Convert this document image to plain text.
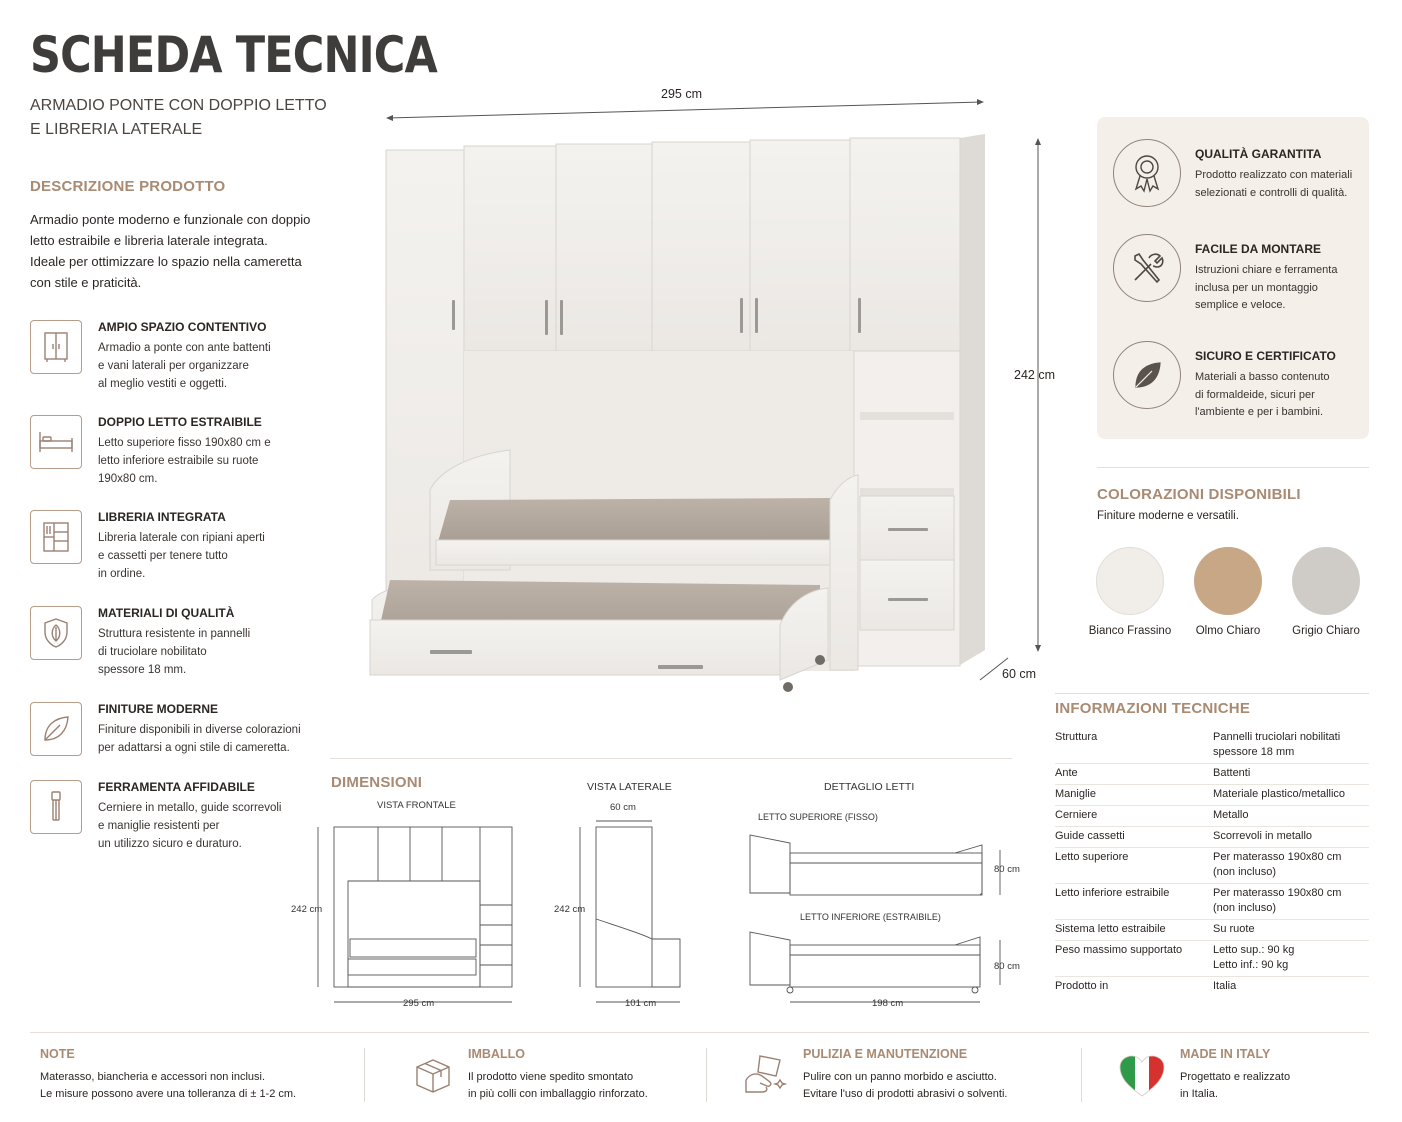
SCHEDA TECNICA
ARMADIO PONTE CON DOPPIO LETTO
E LIBRERIA LATERALE
DESCRIZIONE PRODOTTO
Armadio ponte moderno e funzionale con doppio
letto estraibile e libreria laterale integrata.
Ideale per ottimizzare lo spazio nella cameretta
con stile e praticità.
AMPIO SPAZIO CONTENTIVO
Armadio a ponte con ante battenti
e vani laterali per organizzare
al meglio vestiti e oggetti.
DOPPIO LETTO ESTRAIBILE
Letto superiore fisso 190x80 cm e
letto inferiore estraibile su ruote
190x80 cm.
LIBRERIA INTEGRATA
Libreria laterale con ripiani aperti
e cassetti per tenere tutto
in ordine.
MATERIALI DI QUALITÀ
Struttura resistente in pannelli
di truciolare nobilitato
spessore 18 mm.
FINITURE MODERNE
Finiture disponibili in diverse colorazioni
per adattarsi a ogni stile di cameretta.
FERRAMENTA AFFIDABILE
Cerniere in metallo, guide scorrevoli
e maniglie resistenti per
un utilizzo sicuro e duraturo.
295 cm
242 cm
60 cm
QUALITÀ GARANTITA
Prodotto realizzato con materiali
selezionati e controlli di qualità.
FACILE DA MONTARE
Istruzioni chiare e ferramenta
inclusa per un montaggio
semplice e veloce.
SICURO E CERTIFICATO
Materiali a basso contenuto
di formaldeide, sicuri per
l'ambiente e per i bambini.
COLORAZIONI DISPONIBILI
Finiture moderne e versatili.
Bianco Frassino	Olmo Chiaro	Grigio Chiaro
INFORMAZIONI TECNICHE
Struttura	Pannelli truciolari nobilitati
spessore 18 mm

Ante	Battenti
Maniglie	Materiale plastico/metallico
Cerniere	Metallo
Guide cassetti	Scorrevoli in metallo
Letto superiore	Per materasso 190x80 cm
(non incluso)

Letto inferiore estraibile	Per materasso 190x80 cm
(non incluso)

Sistema letto estraibile	Su ruote
Peso massimo supportato	Letto sup.: 90 kg
Letto inf.: 90 kg

Prodotto in	Italia
DIMENSIONI
VISTA FRONTALE
VISTA LATERALE	DETTAGLIO LETTI
242 cm
295 cm
60 cm
242 cm
101 cm
LETTO SUPERIORE (FISSO)
80 cm
LETTO INFERIORE (ESTRAIBILE)
80 cm
198 cm
NOTE
Materasso, biancheria e accessori non inclusi.
Le misure possono avere una tolleranza di ± 1-2 cm.
IMBALLO
Il prodotto viene spedito smontato
in più colli con imballaggio rinforzato.
PULIZIA E MANUTENZIONE
Pulire con un panno morbido e asciutto.
Evitare l'uso di prodotti abrasivi o solventi.
MADE IN ITALY
Progettato e realizzato
in Italia.
